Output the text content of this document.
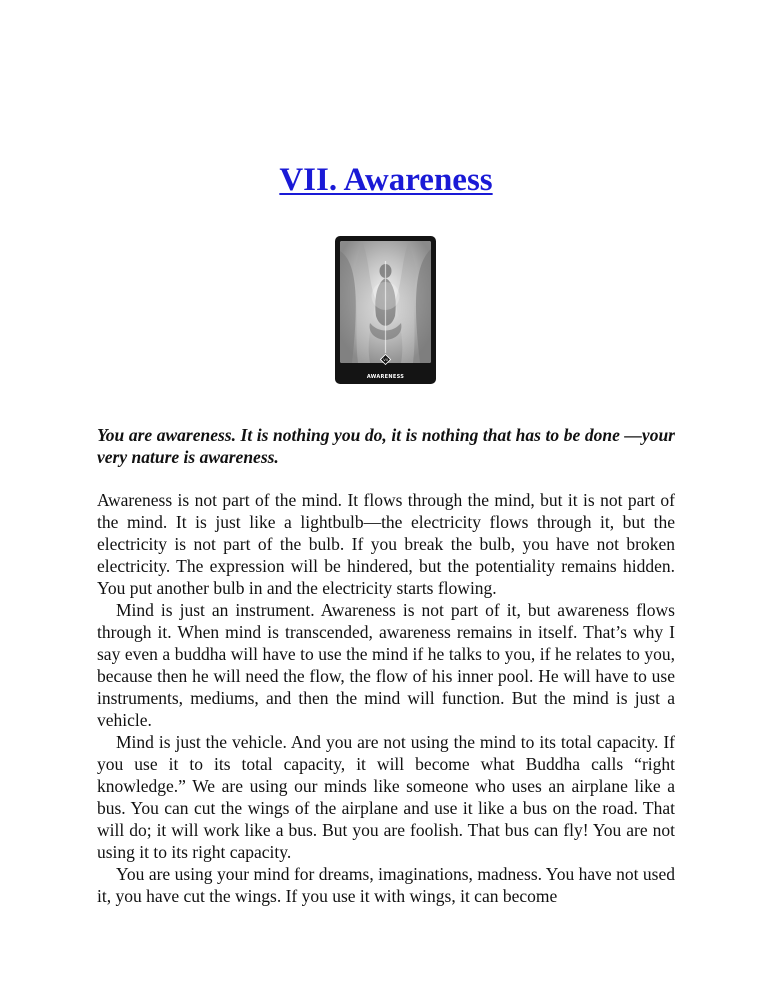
VII. Awareness
VII
AWARENESS

You are awareness. It is nothing you do, it is nothing that has to be done —your very nature is awareness.

Awareness is not part of the mind. It flows through the mind, but it is not part of the mind. It is just like a lightbulb—the electricity flows through it, but the electricity is not part of the bulb. If you break the bulb, you have not broken electricity. The expression will be hindered, but the potentiality remains hidden. You put another bulb in and the electricity starts flowing.

Mind is just an instrument. Awareness is not part of it, but awareness flows through it. When mind is transcended, awareness remains in itself. That’s why I say even a buddha will have to use the mind if he talks to you, if he relates to you, because then he will need the flow, the flow of his inner pool. He will have to use instruments, mediums, and then the mind will function. But the mind is just a vehicle.

Mind is just the vehicle. And you are not using the mind to its total capacity. If you use it to its total capacity, it will become what Buddha calls “right knowledge.” We are using our minds like someone who uses an airplane like a bus. You can cut the wings of the airplane and use it like a bus on the road. That will do; it will work like a bus. But you are foolish. That bus can fly! You are not using it to its right capacity.

You are using your mind for dreams, imaginations, madness. You have not used it, you have cut the wings. If you use it with wings, it can become
